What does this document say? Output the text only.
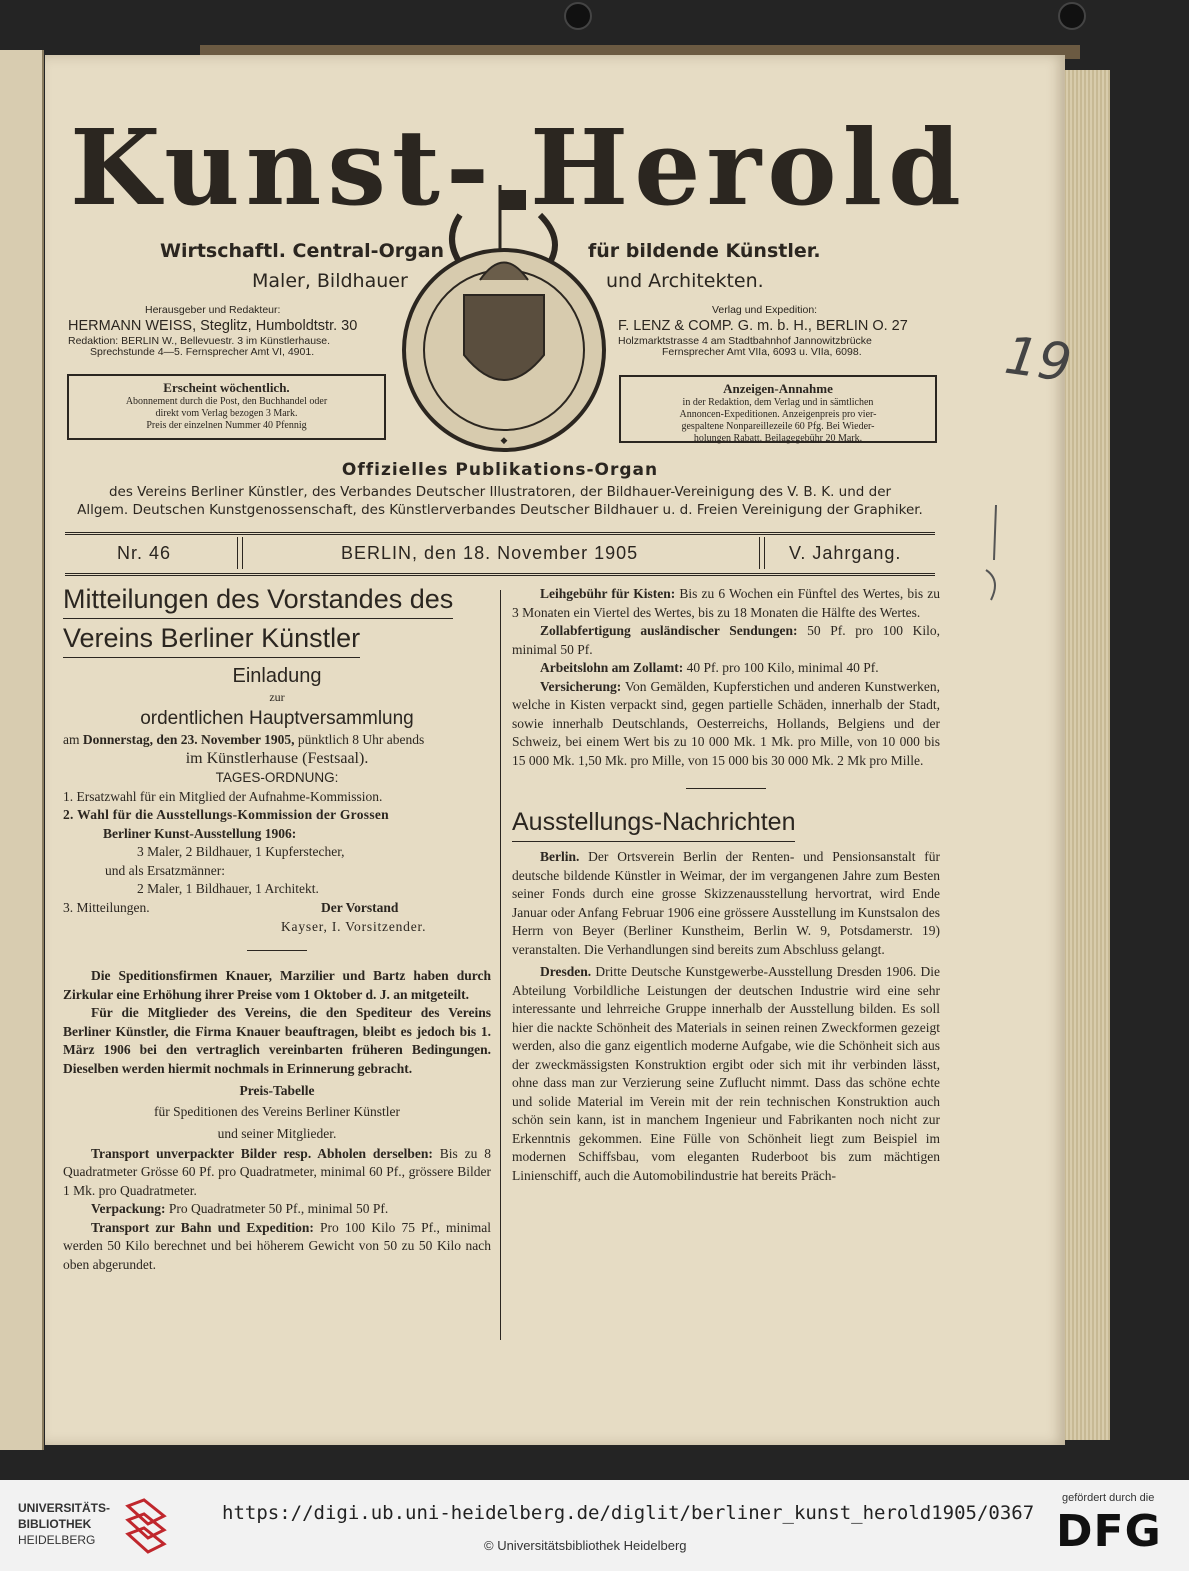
Kunst- Herold
Wirtschaftl. Central-Organ	für bildende Künstler.
Maler, Bildhauer	und Architekten.
◆
Herausgeber und Redakteur:
HERMANN WEISS, Steglitz, Humboldtstr. 30
Redaktion: BERLIN W., Bellevuestr. 3 im Künstlerhause.
Sprechstunde 4—5. Fernsprecher Amt VI, 4901.
Verlag und Expedition:
F. LENZ & COMP. G. m. b. H., BERLIN O. 27
Holzmarktstrasse 4 am Stadtbahnhof Jannowitzbrücke
Fernsprecher Amt VIIa, 6093 u. VIIa, 6098.
Erscheint wöchentlich.
Abonnement durch die Post, den Buchhandel oder
direkt vom Verlag bezogen 3 Mark.
Preis der einzelnen Nummer 40 Pfennig
Anzeigen-Annahme
in der Redaktion, dem Verlag und in sämtlichen
Annoncen-Expeditionen. Anzeigenpreis pro vier-
gespaltene Nonpareillezeile 60 Pfg. Bei Wieder-
holungen Rabatt. Beilagegebühr 20 Mark.
Offizielles Publikations-Organ
des Vereins Berliner Künstler, des Verbandes Deutscher Illustratoren, der Bildhauer-Vereinigung des V. B. K. und der
Allgem. Deutschen Kunstgenossenschaft, des Künstlerverbandes Deutscher Bildhauer u. d. Freien Vereinigung der Graphiker.
Nr. 46	BERLIN, den 18. November 1905	V. Jahrgang.
Mitteilungen des Vorstandes des
Vereins Berliner Künstler
Einladung
zur
ordentlichen Hauptversammlung
am Donnerstag, den 23. November 1905, pünktlich 8 Uhr abends
im Künstlerhause (Festsaal).
TAGES-ORDNUNG:
1. Ersatzwahl für ein Mitglied der Aufnahme-Kommission.
2. Wahl für die Ausstellungs-Kommission der Grossen
Berliner Kunst-Ausstellung 1906:
3 Maler, 2 Bildhauer, 1 Kupferstecher,
und als Ersatzmänner:
2 Maler, 1 Bildhauer, 1 Architekt.
3. Mitteilungen.	Der Vorstand
Kayser, I. Vorsitzender.

Die Speditionsfirmen Knauer, Marzilier und Bartz haben durch Zirkular eine Erhöhung ihrer Preise vom 1 Oktober d. J. an mitgeteilt.

Für die Mitglieder des Vereins, die den Spediteur des Vereins Berliner Künstler, die Firma Knauer beauftragen, bleibt es jedoch bis 1. März 1906 bei den vertraglich vereinbarten früheren Bedingungen. Dieselben werden hiermit nochmals in Erinnerung gebracht.

Preis-Tabelle
für Speditionen des Vereins Berliner Künstler
und seiner Mitglieder.

Transport unverpackter Bilder resp. Abholen derselben: Bis zu 8 Quadratmeter Grösse 60 Pf. pro Quadratmeter, minimal 60 Pf., grössere Bilder 1 Mk. pro Quadratmeter.

Verpackung: Pro Quadratmeter 50 Pf., minimal 50 Pf.

Transport zur Bahn und Expedition: Pro 100 Kilo 75 Pf., minimal werden 50 Kilo berechnet und bei höherem Gewicht von 50 zu 50 Kilo nach oben abgerundet.

Leihgebühr für Kisten: Bis zu 6 Wochen ein Fünftel des Wertes, bis zu 3 Monaten ein Viertel des Wertes, bis zu 18 Monaten die Hälfte des Wertes.

Zollabfertigung ausländischer Sendungen: 50 Pf. pro 100 Kilo, minimal 50 Pf.

Arbeitslohn am Zollamt: 40 Pf. pro 100 Kilo, minimal 40 Pf.

Versicherung: Von Gemälden, Kupferstichen und anderen Kunstwerken, welche in Kisten verpackt sind, gegen partielle Schäden, innerhalb der Stadt, sowie innerhalb Deutschlands, Oesterreichs, Hollands, Belgiens und der Schweiz, bei einem Wert bis zu 10 000 Mk. 1 Mk. pro Mille, von 10 000 bis 15 000 Mk. 1,50 Mk. pro Mille, von 15 000 bis 30 000 Mk. 2 Mk pro Mille.

Ausstellungs-Nachrichten

Berlin. Der Ortsverein Berlin der Renten- und Pensionsanstalt für deutsche bildende Künstler in Weimar, der im vergangenen Jahre zum Besten seiner Fonds durch eine grosse Skizzenausstellung hervortrat, wird Ende Januar oder Anfang Februar 1906 eine grössere Ausstellung im Kunstsalon des Herrn von Beyer (Berliner Kunstheim, Berlin W. 9, Potsdamerstr. 19) veranstalten. Die Verhandlungen sind bereits zum Abschluss gelangt.

Dresden. Dritte Deutsche Kunstgewerbe-Ausstellung Dresden 1906. Die Abteilung Vorbildliche Leistungen der deutschen Industrie wird eine sehr interessante und lehrreiche Gruppe innerhalb der Ausstellung bilden. Es soll hier die nackte Schönheit des Materials in seinen reinen Zweckformen gezeigt werden, also die ganz eigentlich moderne Aufgabe, wie die Schönheit sich aus der zweckmässigsten Konstruktion ergibt oder sich mit ihr verbinden lässt, ohne dass man zur Verzierung seine Zuflucht nimmt. Dass das schöne echte und solide Material im Verein mit der rein technischen Konstruktion auch schön sein kann, ist in manchem Ingenieur und Fabrikanten noch nicht zur Erkenntnis gekommen. Eine Fülle von Schönheit liegt zum Beispiel im modernen Schiffsbau, vom eleganten Ruderboot bis zum mächtigen Linienschiff, auch die Automobilindustrie hat bereits Präch-

19
UNIVERSITÄTS-
BIBLIOTHEK
HEIDELBERG
https://digi.ub.uni-heidelberg.de/diglit/berliner_kunst_herold1905/0367
© Universitätsbibliothek Heidelberg
gefördert durch die
DFG
